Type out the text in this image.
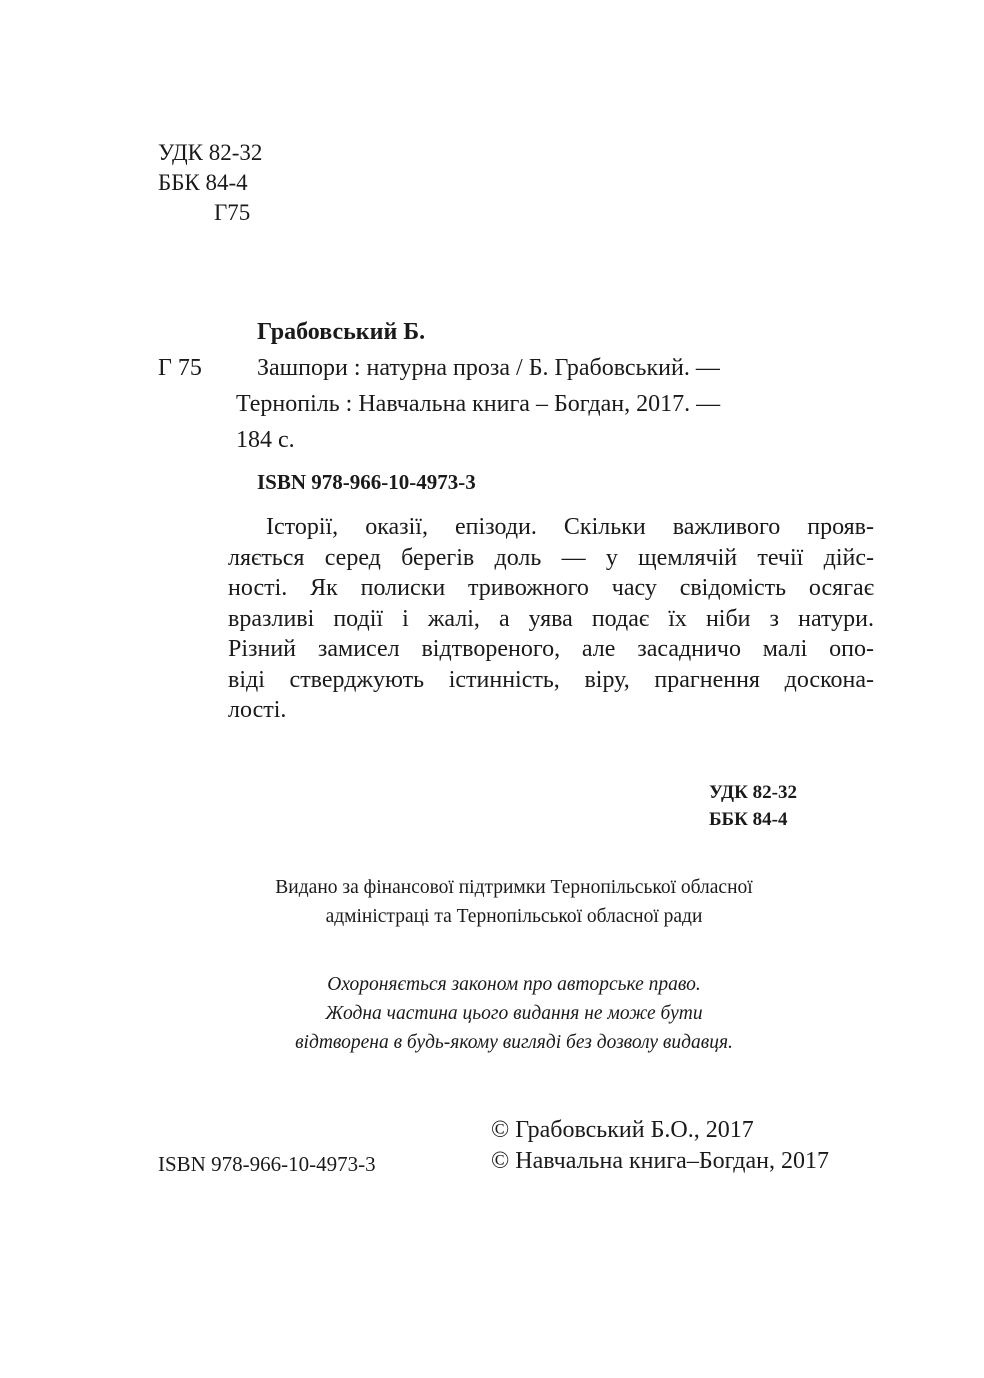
УДК 82-32
ББК 84-4
Г75
Грабовський Б.
Г 75 Зашпори : натурна проза / Б. Грабовський. —
Тернопіль : Навчальна книга – Богдан, 2017. —
184 с.
ISBN 978-966-10-4973-3
Історії, оказії, епізоди. Скільки важливого прояв-
ляється серед берегів доль — у щемлячій течії дійс-
ності. Як полиски тривожного часу свідомість осягає
вразливі події і жалі, а уява подає їх ніби з натури.
Різний замисел відтвореного, але засадничо малі опо-
віді стверджують істинність, віру, прагнення доскона-
лості.
УДК 82-32
ББК 84-4
Видано за фінансової підтримки Тернопільської обласної
адміністраці та Тернопільської обласної ради
Охороняється законом про авторське право.
Жодна частина цього видання не може бути
відтворена в будь-якому вигляді без дозволу видавця.
© Грабовський Б.О., 2017
ISBN 978-966-10-4973-3	© Навчальна книга–Богдан, 2017
